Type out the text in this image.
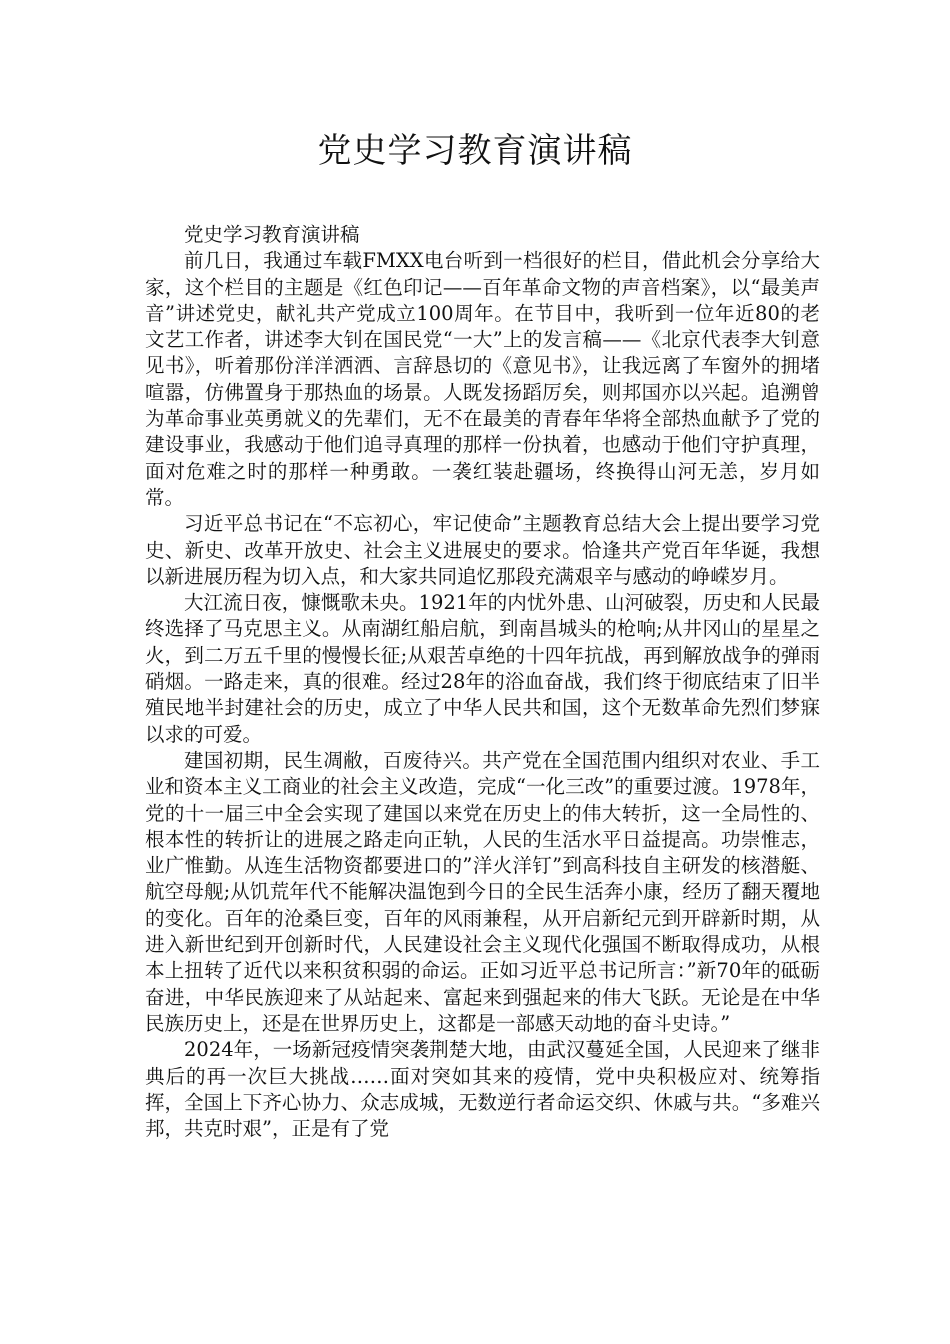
党史学习教育演讲稿

党史学习教育演讲稿

前几日，我通过车载FMXX电台听到一档很好的栏目，借此机会分享给大家，这个栏目的主题是《红色印记——百年革命文物的声音档案》，以“最美声音”讲述党史，献礼共产党成立100周年。在节目中，我听到一位年近80的老文艺工作者，讲述李大钊在国民党“一大”上的发言稿——《北京代表李大钊意见书》，听着那份洋洋洒洒、言辞恳切的《意见书》，让我远离了车窗外的拥堵喧嚣，仿佛置身于那热血的场景。人既发扬蹈厉矣，则邦国亦以兴起。追溯曾为革命事业英勇就义的先辈们，无不在最美的青春年华将全部热血献予了党的建设事业，我感动于他们追寻真理的那样一份执着，也感动于他们守护真理，面对危难之时的那样一种勇敢。一袭红装赴疆场，终换得山河无恙，岁月如常。

习近平总书记在“不忘初心，牢记使命”主题教育总结大会上提出要学习党史、新史、改革开放史、社会主义进展史的要求。恰逢共产党百年华诞，我想以新进展历程为切入点，和大家共同追忆那段充满艰辛与感动的峥嵘岁月。

大江流日夜，慷慨歌未央。1921年的内忧外患、山河破裂，历史和人民最终选择了马克思主义。从南湖红船启航，到南昌城头的枪响;从井冈山的星星之火，到二万五千里的慢慢长征;从艰苦卓绝的十四年抗战，再到解放战争的弹雨硝烟。一路走来，真的很难。经过28年的浴血奋战，我们终于彻底结束了旧半殖民地半封建社会的历史，成立了中华人民共和国，这个无数革命先烈们梦寐以求的可爱。

建国初期，民生凋敝，百废待兴。共产党在全国范围内组织对农业、手工业和资本主义工商业的社会主义改造，完成“一化三改”的重要过渡。1978年，党的十一届三中全会实现了建国以来党在历史上的伟大转折，这一全局性的、根本性的转折让的进展之路走向正轨，人民的生活水平日益提高。功崇惟志，业广惟勤。从连生活物资都要进口的”洋火洋钉”到高科技自主研发的核潜艇、航空母舰;从饥荒年代不能解决温饱到今日的全民生活奔小康，经历了翻天覆地的变化。百年的沧桑巨变，百年的风雨兼程，从开启新纪元到开辟新时期，从进入新世纪到开创新时代，人民建设社会主义现代化强国不断取得成功，从根本上扭转了近代以来积贫积弱的命运。正如习近平总书记所言：”新70年的砥砺奋进，中华民族迎来了从站起来、富起来到强起来的伟大飞跃。无论是在中华民族历史上，还是在世界历史上，这都是一部感天动地的奋斗史诗。”

2024年，一场新冠疫情突袭荆楚大地，由武汉蔓延全国，人民迎来了继非典后的再一次巨大挑战……面对突如其来的疫情，党中央积极应对、统筹指挥，全国上下齐心协力、众志成城，无数逆行者命运交织、休戚与共。“多难兴邦，共克时艰”，正是有了党
